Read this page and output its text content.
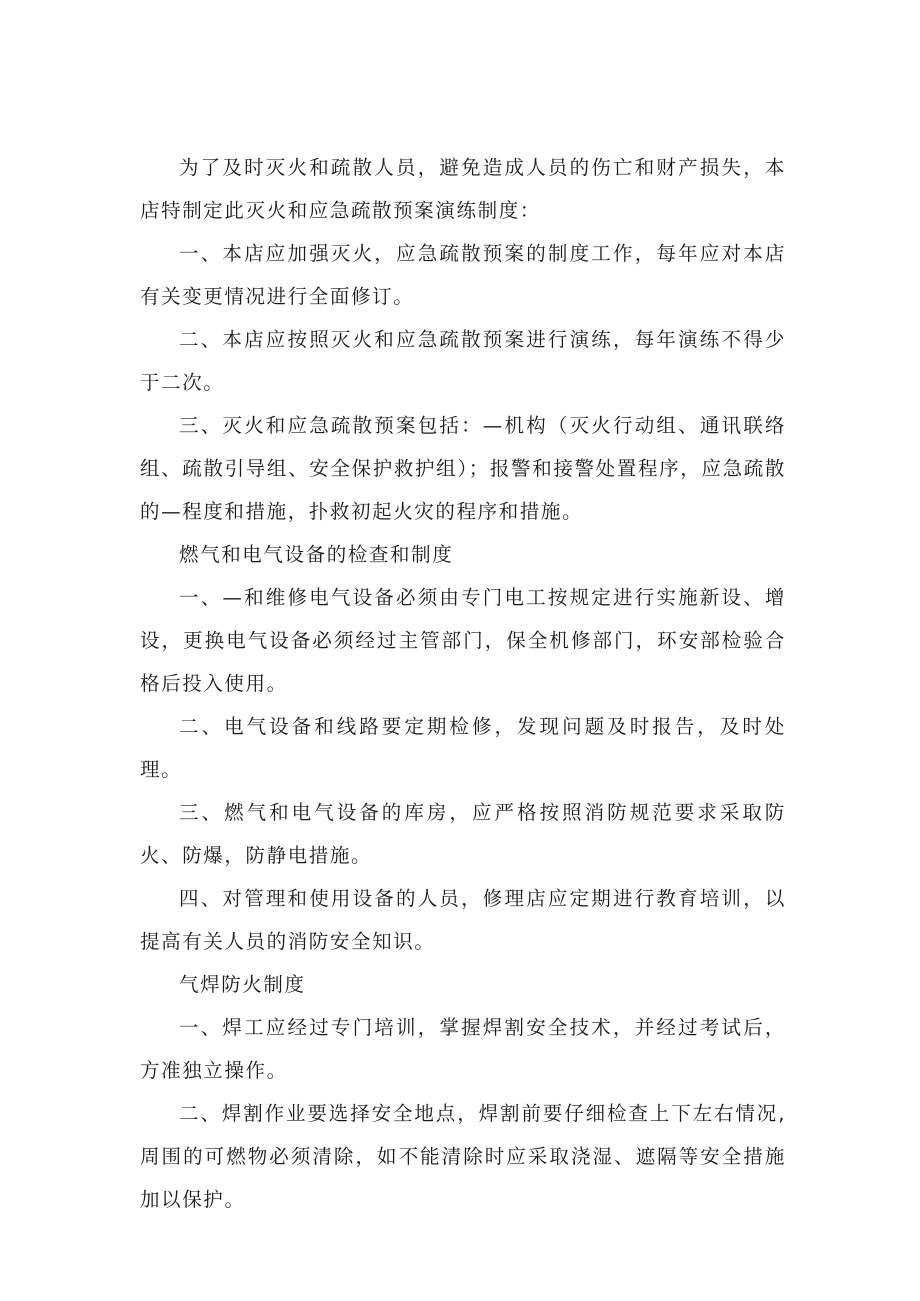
为了及时灭火和疏散人员，避免造成人员的伤亡和财产损失，本店特制定此灭火和应急疏散预案演练制度：

一、本店应加强灭火，应急疏散预案的制度工作，每年应对本店有关变更情况进行全面修订。

二、本店应按照灭火和应急疏散预案进行演练，每年演练不得少于二次。

三、灭火和应急疏散预案包括：—机构（灭火行动组、通讯联络组、疏散引导组、安全保护救护组）；报警和接警处置程序，应急疏散的—程度和措施，扑救初起火灾的程序和措施。

燃气和电气设备的检查和制度

一、—和维修电气设备必须由专门电工按规定进行实施新设、增设，更换电气设备必须经过主管部门，保全机修部门，环安部检验合格后投入使用。

二、电气设备和线路要定期检修，发现问题及时报告，及时处理。

三、燃气和电气设备的库房，应严格按照消防规范要求采取防火、防爆，防静电措施。

四、对管理和使用设备的人员，修理店应定期进行教育培训，以提高有关人员的消防安全知识。

气焊防火制度

一、焊工应经过专门培训，掌握焊割安全技术，并经过考试后，方准独立操作。

二、焊割作业要选择安全地点，焊割前要仔细检查上下左右情况,周围的可燃物必须清除，如不能清除时应采取浇湿、遮隔等安全措施加以保护。
